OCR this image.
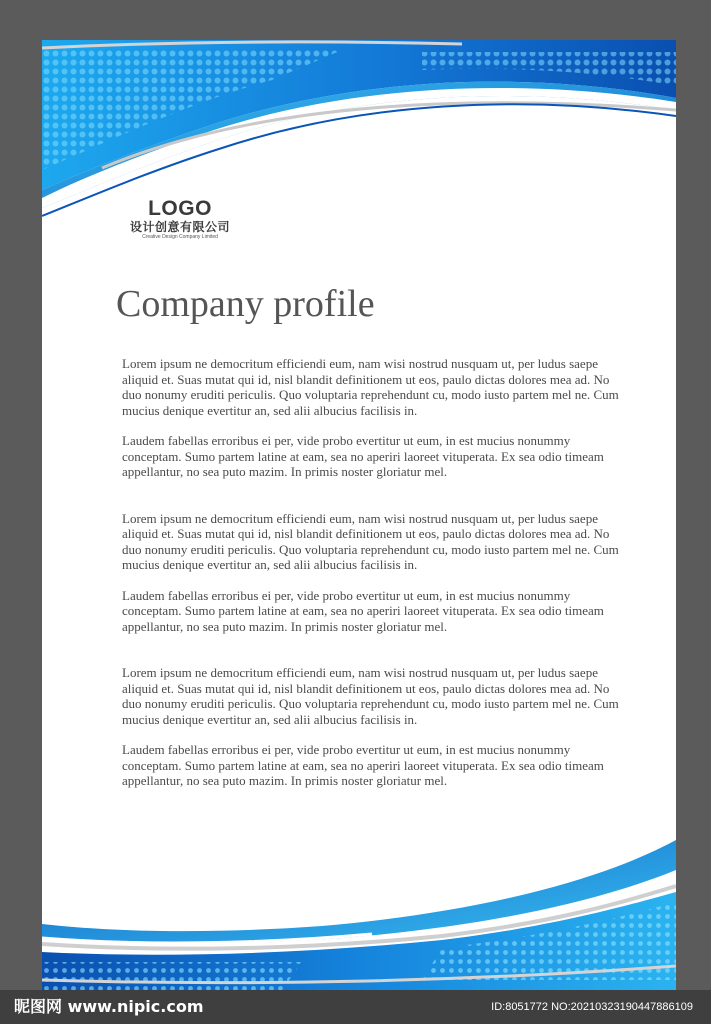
LOGO
设计创意有限公司
Creative Design Company Limited
Company profile

Lorem ipsum ne democritum efficiendi eum, nam wisi nostrud nusquam ut, per ludus saepe aliquid et. Suas mutat qui id, nisl blandit definitionem ut eos, paulo dictas dolores mea ad. No duo nonumy eruditi periculis. Quo voluptaria reprehendunt cu, modo iusto partem mel ne. Cum mucius denique evertitur an, sed alii albucius facilisis in.

Laudem fabellas erroribus ei per, vide probo evertitur ut eum, in est mucius nonummy conceptam. Sumo partem latine at eam, sea no aperiri laoreet vituperata. Ex sea odio timeam appellantur, no sea puto mazim. In primis noster gloriatur mel.

Lorem ipsum ne democritum efficiendi eum, nam wisi nostrud nusquam ut, per ludus saepe aliquid et. Suas mutat qui id, nisl blandit definitionem ut eos, paulo dictas dolores mea ad. No duo nonumy eruditi periculis. Quo voluptaria reprehendunt cu, modo iusto partem mel ne. Cum mucius denique evertitur an, sed alii albucius facilisis in.

Laudem fabellas erroribus ei per, vide probo evertitur ut eum, in est mucius nonummy conceptam. Sumo partem latine at eam, sea no aperiri laoreet vituperata. Ex sea odio timeam appellantur, no sea puto mazim. In primis noster gloriatur mel.

Lorem ipsum ne democritum efficiendi eum, nam wisi nostrud nusquam ut, per ludus saepe aliquid et. Suas mutat qui id, nisl blandit definitionem ut eos, paulo dictas dolores mea ad. No duo nonumy eruditi periculis. Quo voluptaria reprehendunt cu, modo iusto partem mel ne. Cum mucius denique evertitur an, sed alii albucius facilisis in.

Laudem fabellas erroribus ei per, vide probo evertitur ut eum, in est mucius nonummy conceptam. Sumo partem latine at eam, sea no aperiri laoreet vituperata. Ex sea odio timeam appellantur, no sea puto mazim. In primis noster gloriatur mel.

昵图网 www.nipic.com	ID:8051772 NO:20210323190447886109
